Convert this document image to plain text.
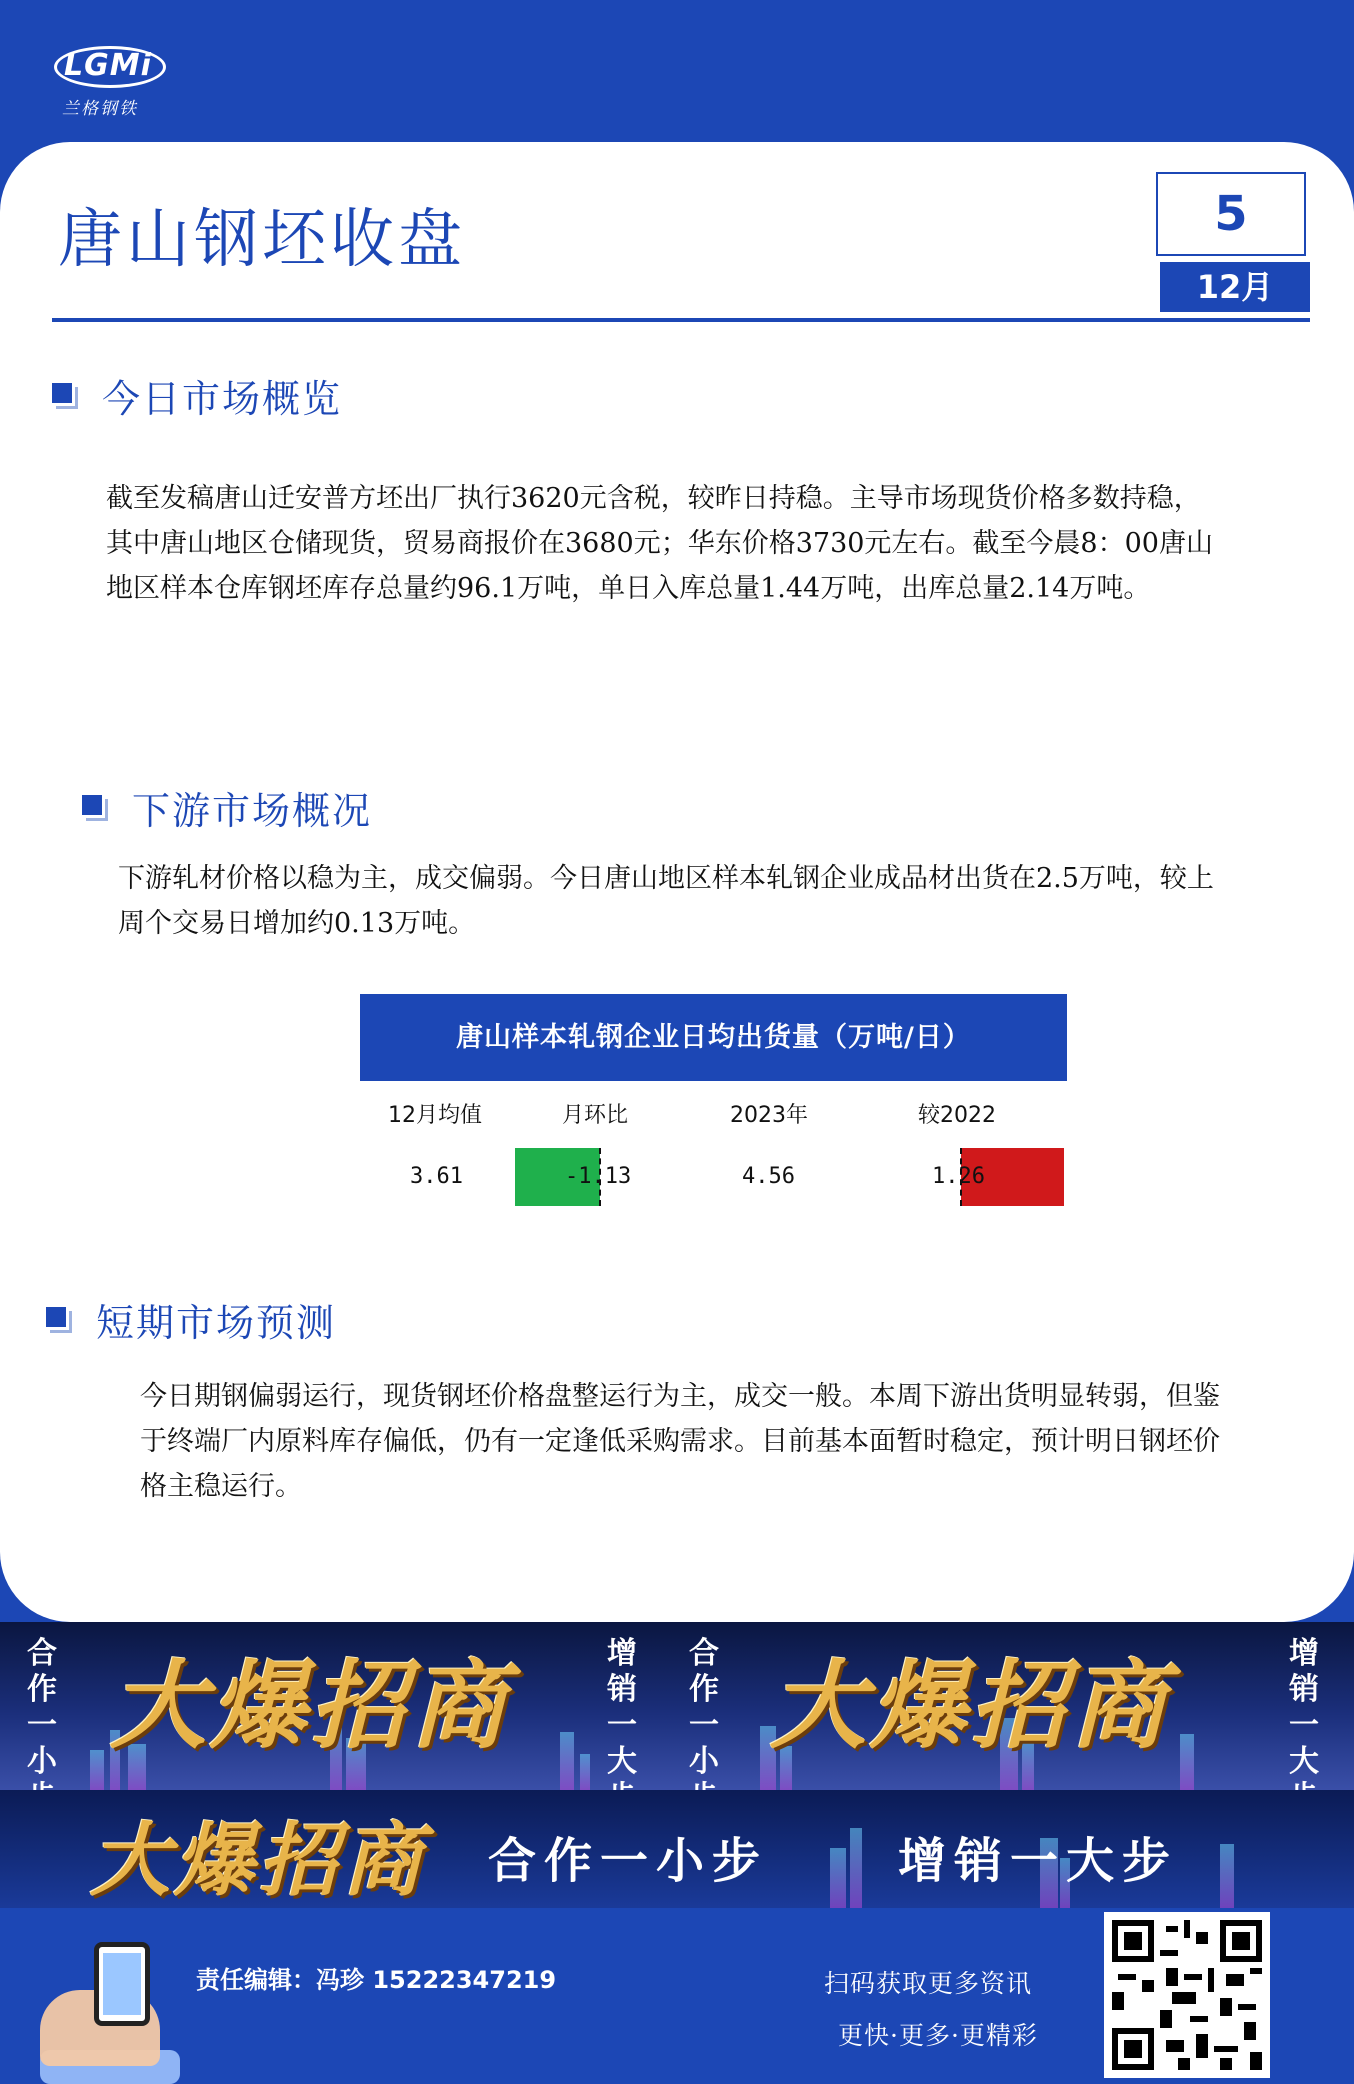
LGMi
兰格钢铁
唐山钢坯收盘	5
12月
今日市场概览
截至发稿唐山迁安普方坯出厂执行3620元含税，较昨日持稳。主导市场现货价格多数持稳，其中唐山地区仓储现货，贸易商报价在3680元；华东价格3730元左右。截至今晨8：00唐山地区样本仓库钢坯库存总量约96.1万吨，单日入库总量1.44万吨，出库总量2.14万吨。
下游市场概况
下游轧材价格以稳为主，成交偏弱。今日唐山地区样本轧钢企业成品材出货在2.5万吨，较上周个交易日增加约0.13万吨。
唐山样本轧钢企业日均出货量（万吨/日）
12月均值	月环比	2023年	较2022
3.61	-1.13	4.56	1.26
短期市场预测
今日期钢偏弱运行，现货钢坯价格盘整运行为主，成交一般。本周下游出货明显转弱，但鉴于终端厂内原料库存偏低，仍有一定逢低采购需求。目前基本面暂时稳定，预计明日钢坯价格主稳运行。
合
作
一
小

增
销
一
大

合
作
一
小

增
销
一
大

大爆招商	大爆招商
大爆招商 合作一小步	增销一大步
责任编辑：冯珍 15222347219	扫码获取更多资讯
更快·更多·更精彩
